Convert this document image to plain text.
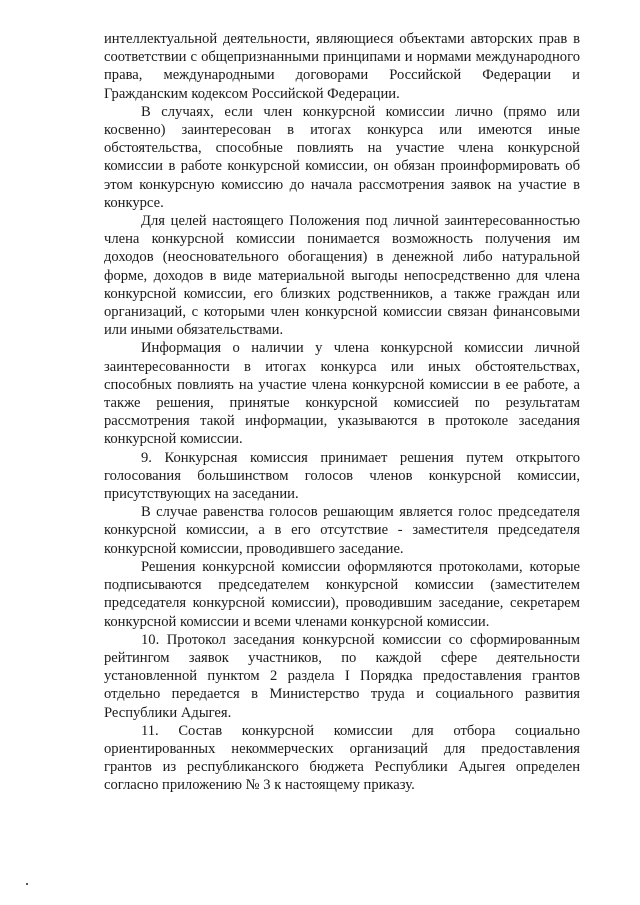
интеллектуальной деятельности, являющиеся объектами авторских прав в соответствии с общепризнанными принципами и нормами международного права, международными договорами Российской Федерации и Гражданским кодексом Российской Федерации.

В случаях, если член конкурсной комиссии лично (прямо или косвенно) заинтересован в итогах конкурса или имеются иные обстоятельства, способные повлиять на участие члена конкурсной комиссии в работе конкурсной комиссии, он обязан проинформировать об этом конкурсную комиссию до начала рассмотрения заявок на участие в конкурсе.

Для целей настоящего Положения под личной заинтересованностью члена конкурсной комиссии понимается возможность получения им доходов (неосновательного обогащения) в денежной либо натуральной форме, доходов в виде материальной выгоды непосредственно для члена конкурсной комиссии, его близких родственников, а также граждан или организаций, с которыми член конкурсной комиссии связан финансовыми или иными обязательствами.

Информация о наличии у члена конкурсной комиссии личной заинтересованности в итогах конкурса или иных обстоятельствах, способных повлиять на участие члена конкурсной комиссии в ее работе, а также решения, принятые конкурсной комиссией по результатам рассмотрения такой информации, указываются в протоколе заседания конкурсной комиссии.

9. Конкурсная комиссия принимает решения путем открытого голосования большинством голосов членов конкурсной комиссии, присутствующих на заседании.

В случае равенства голосов решающим является голос председателя конкурсной комиссии, а в его отсутствие - заместителя председателя конкурсной комиссии, проводившего заседание.

Решения конкурсной комиссии оформляются протоколами, которые подписываются председателем конкурсной комиссии (заместителем председателя конкурсной комиссии), проводившим заседание, секретарем конкурсной комиссии и всеми членами конкурсной комиссии.

10. Протокол заседания конкурсной комиссии со сформированным рейтингом заявок участников, по каждой сфере деятельности установленной пунктом 2 раздела I Порядка предоставления грантов отдельно передается в Министерство труда и социального развития Республики Адыгея.

11. Состав конкурсной комиссии для отбора социально ориентированных некоммерческих организаций для предоставления грантов из республиканского бюджета Республики Адыгея определен согласно приложению № 3 к настоящему приказу.
